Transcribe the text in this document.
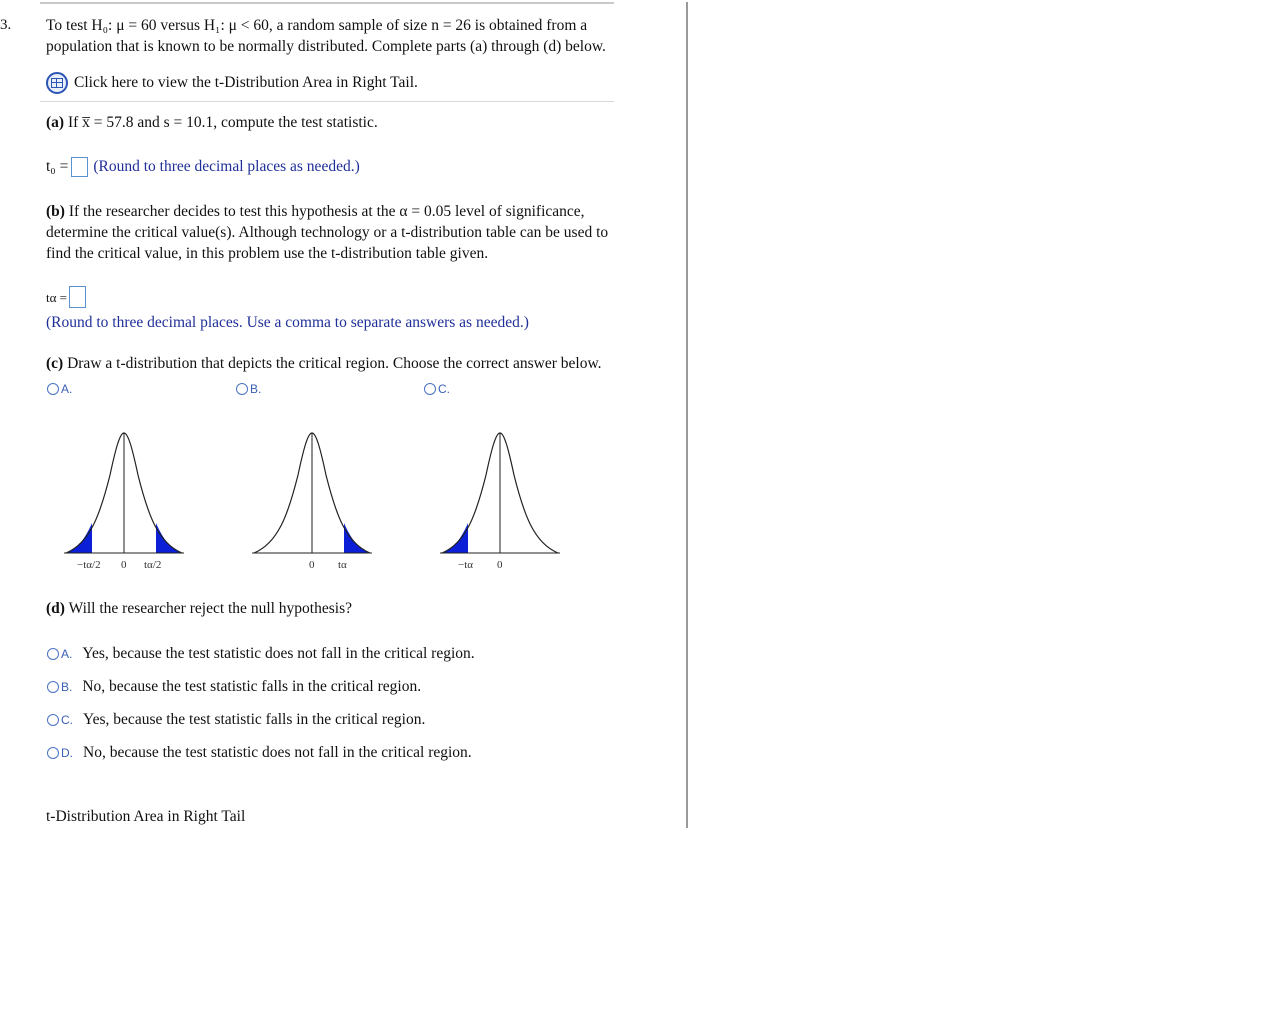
3. To test H₀: μ = 60 versus H₁: μ < 60, a random sample of size n = 26 is obtained from a
population that is known to be normally distributed. Complete parts (a) through (d) below.
Click here to view the t-Distribution Area in Right Tail.
(a) If x̅ = 57.8 and s = 10.1, compute the test statistic.
t₀ = (Round to three decimal places as needed.)
(b) If the researcher decides to test this hypothesis at the α = 0.05 level of significance,
determine the critical value(s). Although technology or a t-distribution table can be used to
find the critical value, in this problem use the t-distribution table given.
tα =
(Round to three decimal places. Use a comma to separate answers as needed.)
(c) Draw a t-distribution that depicts the critical region. Choose the correct answer below.
A.	B.	C.
−tα/2 0 tα/2	0 tα	−tα 0
(d) Will the researcher reject the null hypothesis?
A. Yes, because the test statistic does not fall in the critical region.
B. No, because the test statistic falls in the critical region.
C. Yes, because the test statistic falls in the critical region.
D. No, because the test statistic does not fall in the critical region.
t-Distribution Area in Right Tail
